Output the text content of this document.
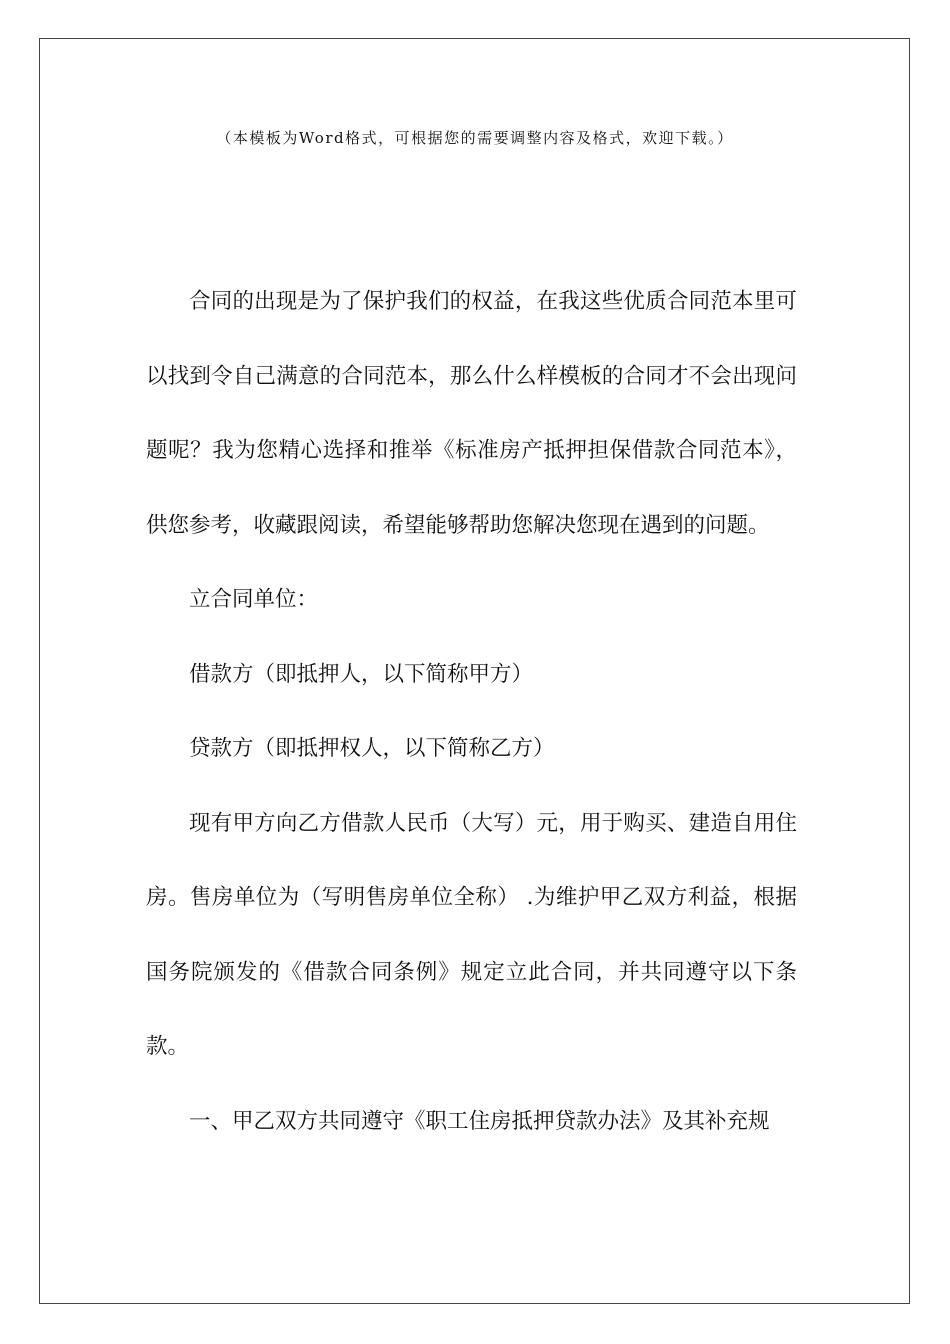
（本模板为Word格式，可根据您的需要调整内容及格式，欢迎下载。）

合同的出现是为了保护我们的权益，在我这些优质合同范本里可以找到令自己满意的合同范本，那么什么样模板的合同才不会出现问题呢？我为您精心选择和推举《标准房产抵押担保借款合同范本》，供您参考，收藏跟阅读，希望能够帮助您解决您现在遇到的问题。

立合同单位：

借款方（即抵押人，以下简称甲方）

贷款方（即抵押权人，以下简称乙方）

现有甲方向乙方借款人民币（大写）元，用于购买、建造自用住房。售房单位为（写明售房单位全称） .为维护甲乙双方利益，根据国务院颁发的《借款合同条例》规定立此合同，并共同遵守以下条款。

一、甲乙双方共同遵守《职工住房抵押贷款办法》及其补充规
